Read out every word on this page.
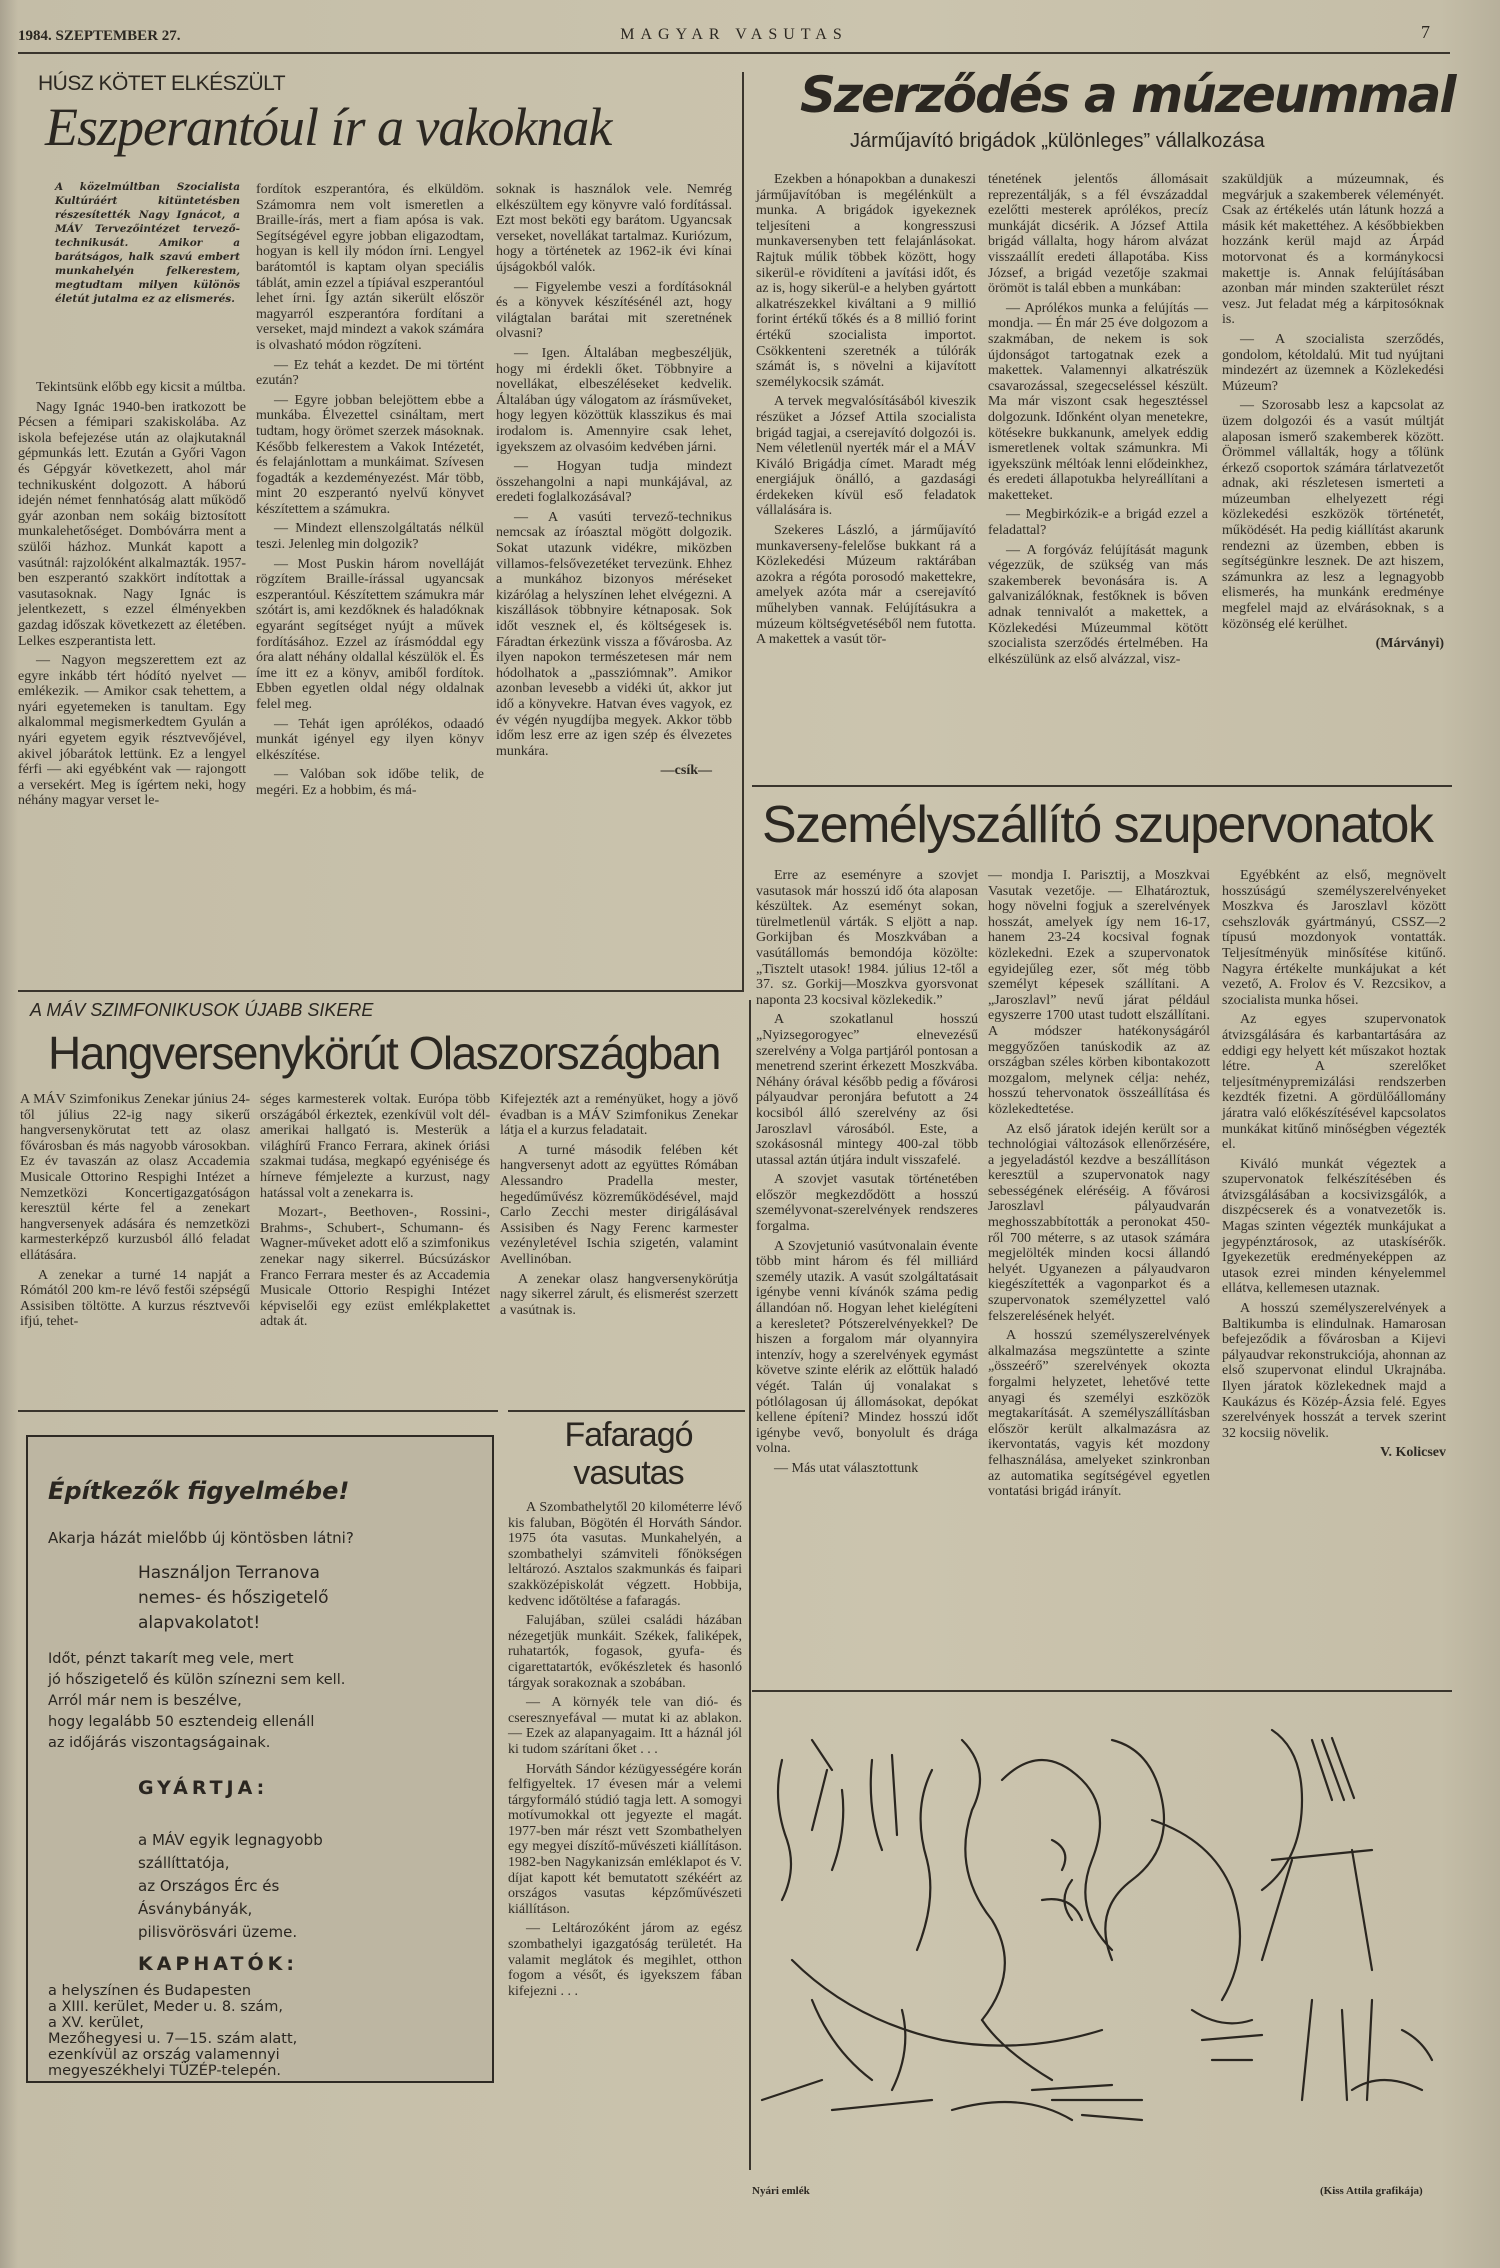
1984. SZEPTEMBER 27.	MAGYAR VASUTAS	7
HÚSZ KÖTET ELKÉSZÜLT
Eszperantóul ír a vakoknak
A közelmúltban Szocialista Kultúráért kitüntetésben részesítették Nagy Ignácot, a MÁV Tervezőintézet tervező-technikusát. Amikor a barátságos, halk szavú embert munkahelyén felkerestem, megtudtam milyen különös életút jutalma ez az elismerés.

Tekintsünk előbb egy kicsit a múltba.

Nagy Ignác 1940-ben iratkozott be Pécsen a fémipari szakiskolába. Az iskola befejezése után az olajkutaknál gépmunkás lett. Ezután a Győri Vagon és Gépgyár következett, ahol már technikusként dolgozott. A háború idején német fennhatóság alatt működő gyár azonban nem sokáig biztosított munkalehetőséget. Dombóvárra ment a szülői házhoz. Munkát kapott a vasútnál: rajzolóként alkalmazták. 1957-ben eszperantó szakkört indítottak a vasutasoknak. Nagy Ignác is jelentkezett, s ezzel élményekben gazdag időszak következett az életében. Lelkes eszperantista lett.

— Nagyon megszerettem ezt az egyre inkább tért hódító nyelvet — emlékezik. — Amikor csak tehettem, a nyári egyetemeken is tanultam. Egy alkalommal megismerkedtem Gyulán a nyári egyetem egyik résztvevőjével, akivel jóbarátok lettünk. Ez a lengyel férfi — aki egyébként vak — rajongott a versekért. Meg is ígértem neki, hogy néhány magyar verset le-

fordítok eszperantóra, és elküldöm. Számomra nem volt ismeretlen a Braille-írás, mert a fiam apósa is vak. Segítségével egyre jobban eligazodtam, hogyan is kell ily módon írni. Lengyel barátomtól is kaptam olyan speciális táblát, amin ezzel a típiával eszperantóul lehet írni. Így aztán sikerült először magyarról eszperantóra fordítani a verseket, majd mindezt a vakok számára is olvasható módon rögzíteni.

— Ez tehát a kezdet. De mi történt ezután?

— Egyre jobban belejöttem ebbe a munkába. Élvezettel csináltam, mert tudtam, hogy örömet szerzek másoknak. Később felkerestem a Vakok Intézetét, és felajánlottam a munkáimat. Szívesen fogadták a kezdeményezést. Már több, mint 20 eszperantó nyelvű könyvet készítettem a számukra.

— Mindezt ellenszolgáltatás nélkül teszi. Jelenleg min dolgozik?

— Most Puskin három novelláját rögzítem Braille-írással ugyancsak eszperantóul. Készítettem számukra már szótárt is, ami kezdőknek és haladóknak egyaránt segítséget nyújt a művek fordításához. Ezzel az írásmóddal egy óra alatt néhány oldallal készülök el. És íme itt ez a könyv, amiből fordítok. Ebben egyetlen oldal négy oldalnak felel meg.

— Tehát igen aprólékos, odaadó munkát igényel egy ilyen könyv elkészítése.

— Valóban sok időbe telik, de megéri. Ez a hobbim, és má-

soknak is használok vele. Nemrég elkészültem egy könyvre való fordítással. Ezt most beköti egy barátom. Ugyancsak verseket, novellákat tartalmaz. Kuriózum, hogy a történetek az 1962-ik évi kínai újságokból valók.

— Figyelembe veszi a fordításoknál és a könyvek készítésénél azt, hogy világtalan barátai mit szeretnének olvasni?

— Igen. Általában megbeszéljük, hogy mi érdekli őket. Többnyire a novellákat, elbeszéléseket kedvelik. Általában úgy válogatom az írásműveket, hogy legyen közöttük klasszikus és mai irodalom is. Amennyire csak lehet, igyekszem az olvasóim kedvében járni.

— Hogyan tudja mindezt összehangolni a napi munkájával, az eredeti foglalkozásával?

— A vasúti tervező-technikus nemcsak az íróasztal mögött dolgozik. Sokat utazunk vidékre, miközben villamos-felsővezetéket tervezünk. Ehhez a munkához bizonyos méréseket kizárólag a helyszínen lehet elvégezni. A kiszállások többnyire kétnaposak. Sok időt vesznek el, és költségesek is. Fáradtan érkezünk vissza a fővárosba. Az ilyen napokon természetesen már nem hódolhatok a „passziómnak”. Amikor azonban levesebb a vidéki út, akkor jut idő a könyvekre. Hatvan éves vagyok, ez év végén nyugdíjba megyek. Akkor több időm lesz erre az igen szép és élvezetes munkára.

—csík—

Szerződés a múzeummal
Járműjavító brigádok „különleges” vállalkozása

Ezekben a hónapokban a dunakeszi járműjavítóban is megélénkült a munka. A brigádok igyekeznek teljesíteni a kongresszusi munkaversenyben tett felajánlásokat. Rajtuk múlik többek között, hogy sikerül-e rövidíteni a javítási időt, és az is, hogy sikerül-e a helyben gyártott alkatrészekkel kiváltani a 9 millió forint értékű tőkés és a 8 millió forint értékű szocialista importot. Csökkenteni szeretnék a túlórák számát is, s növelni a kijavított személykocsik számát.

A tervek megvalósításából kiveszik részüket a József Attila szocialista brigád tagjai, a cserejavító dolgozói is. Nem véletlenül nyerték már el a MÁV Kiváló Brigádja címet. Maradt még energiájuk önálló, a gazdasági érdekeken kívül eső feladatok vállalására is.

Szekeres László, a járműjavító munkaverseny-felelőse bukkant rá a Közlekedési Múzeum raktárában azokra a régóta porosodó makettekre, amelyek azóta már a cserejavító műhelyben vannak. Felújításukra a múzeum költségvetéséből nem futotta. A makettek a vasút tör-

ténetének jelentős állomásait reprezentálják, s a fél évszázaddal ezelőtti mesterek aprólékos, precíz munkáját dicsérik. A József Attila brigád vállalta, hogy három alvázat visszaállít eredeti állapotába. Kiss József, a brigád vezetője szakmai örömöt is talál ebben a munkában:

— Aprólékos munka a felújítás — mondja. — Én már 25 éve dolgozom a szakmában, de nekem is sok újdonságot tartogatnak ezek a makettek. Valamennyi alkatrészük csavarozással, szegecseléssel készült. Ma már viszont csak hegesztéssel dolgozunk. Időnként olyan menetekre, kötésekre bukkanunk, amelyek eddig ismeretlenek voltak számunkra. Mi igyekszünk méltóak lenni elődeinkhez, és eredeti állapotukba helyreállítani a maketteket.

— Megbirkózik-e a brigád ezzel a feladattal?

— A forgóváz felújítását magunk végezzük, de szükség van más szakemberek bevonására is. A galvanizálóknak, festőknek is bőven adnak tennivalót a makettek, a Közlekedési Múzeummal kötött szocialista szerződés értelmében. Ha elkészülünk az első alvázzal, visz-

szaküldjük a múzeumnak, és megvárjuk a szakemberek véleményét. Csak az értékelés után látunk hozzá a másik két makettéhez. A későbbiekben hozzánk kerül majd az Árpád motorvonat és a kormánykocsi makettje is. Annak felújításában azonban már minden szakterület részt vesz. Jut feladat még a kárpitosóknak is.

— A szocialista szerződés, gondolom, kétoldalú. Mit tud nyújtani mindezért az üzemnek a Közlekedési Múzeum?

— Szorosabb lesz a kapcsolat az üzem dolgozói és a vasút múltját alaposan ismerő szakemberek között. Örömmel vállalták, hogy a tőlünk érkező csoportok számára tárlatvezetőt adnak, aki részletesen ismerteti a múzeumban elhelyezett régi közlekedési eszközök történetét, működését. Ha pedig kiállítást akarunk rendezni az üzemben, ebben is segítségünkre lesznek. De azt hiszem, számunkra az lesz a legnagyobb elismerés, ha munkánk eredménye megfelel majd az elvárásoknak, s a közönség elé kerülhet.

(Márványi)

Személyszállító szupervonatok

Erre az eseményre a szovjet vasutasok már hosszú idő óta alaposan készültek. Az eseményt sokan, türelmetlenül várták. S eljött a nap. Gorkijban és Moszkvában a vasútállomás bemondója közölte: „Tisztelt utasok! 1984. július 12-től a 37. sz. Gorkij—Moszkva gyorsvonat naponta 23 kocsival közlekedik.”

A szokatlanul hosszú „Nyizsegorogyec” elnevezésű szerelvény a Volga partjáról pontosan a menetrend szerint érkezett Moszkvába. Néhány órával később pedig a fővárosi pályaudvar peronjára befutott a 24 kocsiból álló szerelvény az ősi Jaroszlavl városából. Este, a szokásosnál mintegy 400-zal több utassal aztán útjára indult visszafelé.

A szovjet vasutak történetében először megkezdődött a hosszú személyvonat-szerelvények rendszeres forgalma.

A Szovjetunió vasútvonalain évente több mint három és fél milliárd személy utazik. A vasút szolgáltatásait igénybe venni kívánók száma pedig állandóan nő. Hogyan lehet kielégíteni a keresletet? Pótszerelvényekkel? De hiszen a forgalom már olyannyira intenzív, hogy a szerelvények egymást követve szinte elérik az előttük haladó végét. Talán új vonalakat s pótlólagosan új állomásokat, depókat kellene építeni? Mindez hosszú időt igénybe vevő, bonyolult és drága volna.

— Más utat választottunk

— mondja I. Parisztij, a Moszkvai Vasutak vezetője. — Elhatároztuk, hogy növelni fogjuk a szerelvények hosszát, amelyek így nem 16-17, hanem 23-24 kocsival fognak közlekedni. Ezek a szupervonatok egyidejűleg ezer, sőt még több személyt képesek szállítani. A „Jaroszlavl” nevű járat például egyszerre 1700 utast tudott elszállítani. A módszer hatékonyságáról meggyőzően tanúskodik az az országban széles körben kibontakozott mozgalom, melynek célja: nehéz, hosszú tehervonatok összeállítása és közlekedtetése.

Az első járatok idején került sor a technológiai változások ellenőrzésére, a jegyeladástól kezdve a beszállításon keresztül a szupervonatok nagy sebességének eléréséig. A fővárosi Jaroszlavl pályaudvarán meghosszabbították a peronokat 450-ről 700 méterre, s az utasok számára megjelölték minden kocsi állandó helyét. Ugyanezen a pályaudvaron kiegészítették a vagonparkot és a szupervonatok személyzettel való felszerelésének helyét.

A hosszú személyszerelvények alkalmazása megszüntette a szinte „összeérő” szerelvények okozta forgalmi helyzetet, lehetővé tette anyagi és személyi eszközök megtakarítását. A személyszállításban először került alkalmazásra az ikervontatás, vagyis két mozdony felhasználása, amelyeket szinkronban az automatika segítségével egyetlen vontatási brigád irányít.

Egyébként az első, megnövelt hosszúságú személyszerelvényeket Moszkva és Jaroszlavl között csehszlovák gyártmányú, CSSZ—2 típusú mozdonyok vontatták. Teljesítményük minősítése kitűnő. Nagyra értékelte munkájukat a két vezető, A. Frolov és V. Rezcsikov, a szocialista munka hősei.

Az egyes szupervonatok átvizsgálására és karbantartására az eddigi egy helyett két műszakot hoztak létre. A szerelőket teljesítménypremizálási rendszerben kezdték fizetni. A gördülőállomány járatra való előkészítésével kapcsolatos munkákat kitűnő minőségben végezték el.

Kiváló munkát végeztek a szupervonatok felkészítésében és átvizsgálásában a kocsivizsgálók, a diszpécserek és a vonatvezetők is. Magas szinten végezték munkájukat a jegypénztárosok, az utaskísérők. Igyekezetük eredményeképpen az utasok ezrei minden kényelemmel ellátva, kellemesen utaznak.

A hosszú személyszerelvények a Baltikumba is elindulnak. Hamarosan befejeződik a fővárosban a Kijevi pályaudvar rekonstrukciója, ahonnan az első szupervonat elindul Ukrajnába. Ilyen járatok közlekednek majd a Kaukázus és Közép-Ázsia felé. Egyes szerelvények hosszát a tervek szerint 32 kocsiig növelik.

V. Kolicsev

A MÁV SZIMFONIKUSOK ÚJABB SIKERE
Hangversenykörút Olaszországban

A MÁV Szimfonikus Zenekar június 24-től július 22-ig nagy sikerű hangversenykörutat tett az olasz fővárosban és más nagyobb városokban. Ez év tavaszán az olasz Accademia Musicale Ottorino Respighi Intézet a Nemzetközi Koncertigazgatóságon keresztül kérte fel a zenekart hangversenyek adására és nemzetközi karmesterképző kurzusból álló feladat ellátására.

A zenekar a turné 14 napját a Rómától 200 km-re lévő festői szépségű Assisiben töltötte. A kurzus résztvevői ifjú, tehet-

séges karmesterek voltak. Európa több országából érkeztek, ezenkívül volt dél-amerikai hallgató is. Mesterük a világhírű Franco Ferrara, akinek óriási szakmai tudása, megkapó egyénisége és hírneve fémjelezte a kurzust, nagy hatással volt a zenekarra is.

Mozart-, Beethoven-, Rossini-, Brahms-, Schubert-, Schumann- és Wagner-műveket adott elő a szimfonikus zenekar nagy sikerrel. Búcsúzáskor Franco Ferrara mester és az Accademia Musicale Ottorio Respighi Intézet képviselői egy ezüst emlékplakettet adtak át.

Kifejezték azt a reményüket, hogy a jövő évadban is a MÁV Szimfonikus Zenekar látja el a kurzus feladatait.

A turné második felében két hangversenyt adott az együttes Rómában Alessandro Pradella mester, hegedűművész közreműködésével, majd Carlo Zecchi mester dirigálásával Assisiben és Nagy Ferenc karmester vezényletével Ischia szigetén, valamint Avellinóban.

A zenekar olasz hangversenykörútja nagy sikerrel zárult, és elismerést szerzett a vasútnak is.

Fafaragó
vasutas

A Szombathelytől 20 kilométerre lévő kis faluban, Bögötén él Horváth Sándor. 1975 óta vasutas. Munkahelyén, a szombathelyi számviteli főnökségen leltározó. Asztalos szakmunkás és faipari szakközépiskolát végzett. Hobbija, kedvenc időtöltése a fafaragás.

Falujában, szülei családi házában nézegetjük munkáit. Székek, faliképek, ruhatartók, fogasok, gyufa- és cigarettatartók, evőkészletek és hasonló tárgyak sorakoznak a szobában.

— A környék tele van dió- és cseresznyefával — mutat ki az ablakon. — Ezek az alapanyagaim. Itt a háznál jól ki tudom szárítani őket . . .

Horváth Sándor kézügyességére korán felfigyeltek. 17 évesen már a velemi tárgyformáló stúdió tagja lett. A somogyi motívumokkal ott jegyezte el magát. 1977-ben már részt vett Szombathelyen egy megyei díszítő-művészeti kiállításon. 1982-ben Nagykanizsán emléklapot és V. díjat kapott két bemutatott székéért az országos vasutas képzőművészeti kiállításon.

— Leltározóként járom az egész szombathelyi igazgatóság területét. Ha valamit meglátok és megihlet, otthon fogom a vésőt, és igyekszem fában kifejezni . . .

Építkezők figyelmébe!
Akarja házát mielőbb új köntösben látni?
Használjon Terranova
nemes- és hőszigetelő
alapvakolatot!
Időt, pénzt takarít meg vele, mert
jó hőszigetelő és külön színezni sem kell.
Arról már nem is beszélve,
hogy legalább 50 esztendeig ellenáll
az időjárás viszontagságainak.
GYÁRTJA:
a MÁV egyik legnagyobb
szállíttatója,
az Országos Érc és
Ásványbányák,
pilisvörösvári üzeme.
KAPHATÓK:
a helyszínen és Budapesten
a XIII. kerület, Meder u. 8. szám,
a XV. kerület,
Mezőhegyesi u. 7—15. szám alatt,
ezenkívül az ország valamennyi
megyeszékhelyi TÜZÉP-telepén.
Nyári emlék	(Kiss Attila grafikája)
